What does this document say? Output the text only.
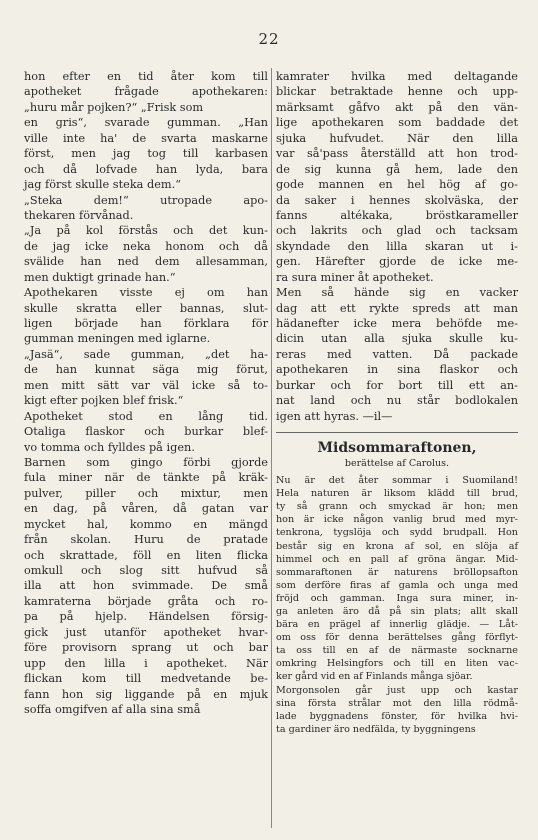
22
hon efter en tid åter kom till
apotheket frågade apothekaren:
„huru mår pojken?“ „Frisk som
en gris“, svarade gumman. „Han
ville inte ha' de svarta maskarne
först, men jag tog till karbasen
och då lofvade han lyda, bara
jag först skulle steka dem.“
„Steka dem!“ utropade apo-
thekaren förvånad.
„Ja på kol förstås och det kun-
de jag icke neka honom och då
svälide han ned dem allesamman,
men duktigt grinade han.“
Apothekaren visste ej om han
skulle skratta eller bannas, slut-
ligen började han förklara för
gumman meningen med iglarne.
„Jasä“, sade gumman, „det ha-
de han kunnat säga mig förut,
men mitt sätt var väl icke så to-
kigt efter pojken blef frisk.“
Apotheket stod en lång tid.
Otaliga flaskor och burkar blef-
vo tomma och fylldes på igen.
Barnen som gingo förbi gjorde
fula miner när de tänkte på kräk-
pulver, piller och mixtur, men
en dag, på våren, då gatan var
mycket hal, kommo en mängd
från skolan. Huru de pratade
och skrattade, föll en liten flicka
omkull och slog sitt hufvud så
illa att hon svimmade. De små
kamraterna började gråta och ro-
pa på hjelp. Händelsen försig-
gick just utanför apotheket hvar-
före provisorn sprang ut och bar
upp den lilla i apotheket. När
flickan kom till medvetande be-
fann hon sig liggande på en mjuk
soffa omgifven af alla sina små
kamrater hvilka med deltagande
blickar betraktade henne och upp-
märksamt gåfvo akt på den vän-
lige apothekaren som baddade det
sjuka hufvudet. När den lilla
var så'pass återställd att hon trod-
de sig kunna gå hem, lade den
gode mannen en hel hög af go-
da saker i hennes skolväska, der
fanns altékaka, bröstkarameller
och lakrits och glad och tacksam
skyndade den lilla skaran ut i-
gen. Härefter gjorde de icke me-
ra sura miner åt apotheket.
Men så hände sig en vacker
dag att ett rykte spreds att man
hädanefter icke mera behöfde me-
dicin utan alla sjuka skulle ku-
reras med vatten. Då packade
apothekaren in sina flaskor och
burkar och for bort till ett an-
nat land och nu står bodlokalen
igen att hyras. —il—
Midsommaraftonen,
berättelse af Carolus.
Nu är det åter sommar i Suomiland!
Hela naturen är liksom klädd till brud,
ty så grann och smyckad är hon; men
hon är icke någon vanlig brud med myr-
tenkrona, tygslöja och sydd brudpall. Hon
består sig en krona af sol, en slöja af
himmel och en pall af gröna ängar. Mid-
sommaraftonen är naturens bröllopsafton
som derföre firas af gamla och unga med
fröjd och gamman. Inga sura miner, in-
ga anleten äro då på sin plats; allt skall
bära en prägel af innerlig glädje. — Låt-
om oss för denna berättelses gång förflyt-
ta oss till en af de närmaste socknarne
omkring Helsingfors och till en liten vac-
ker gård vid en af Finlands många sjöar.
Morgonsolen går just upp och kastar
sina första strålar mot den lilla rödmå-
lade byggnadens fönster, för hvilka hvi-
ta gardiner äro nedfälda, ty byggningens
